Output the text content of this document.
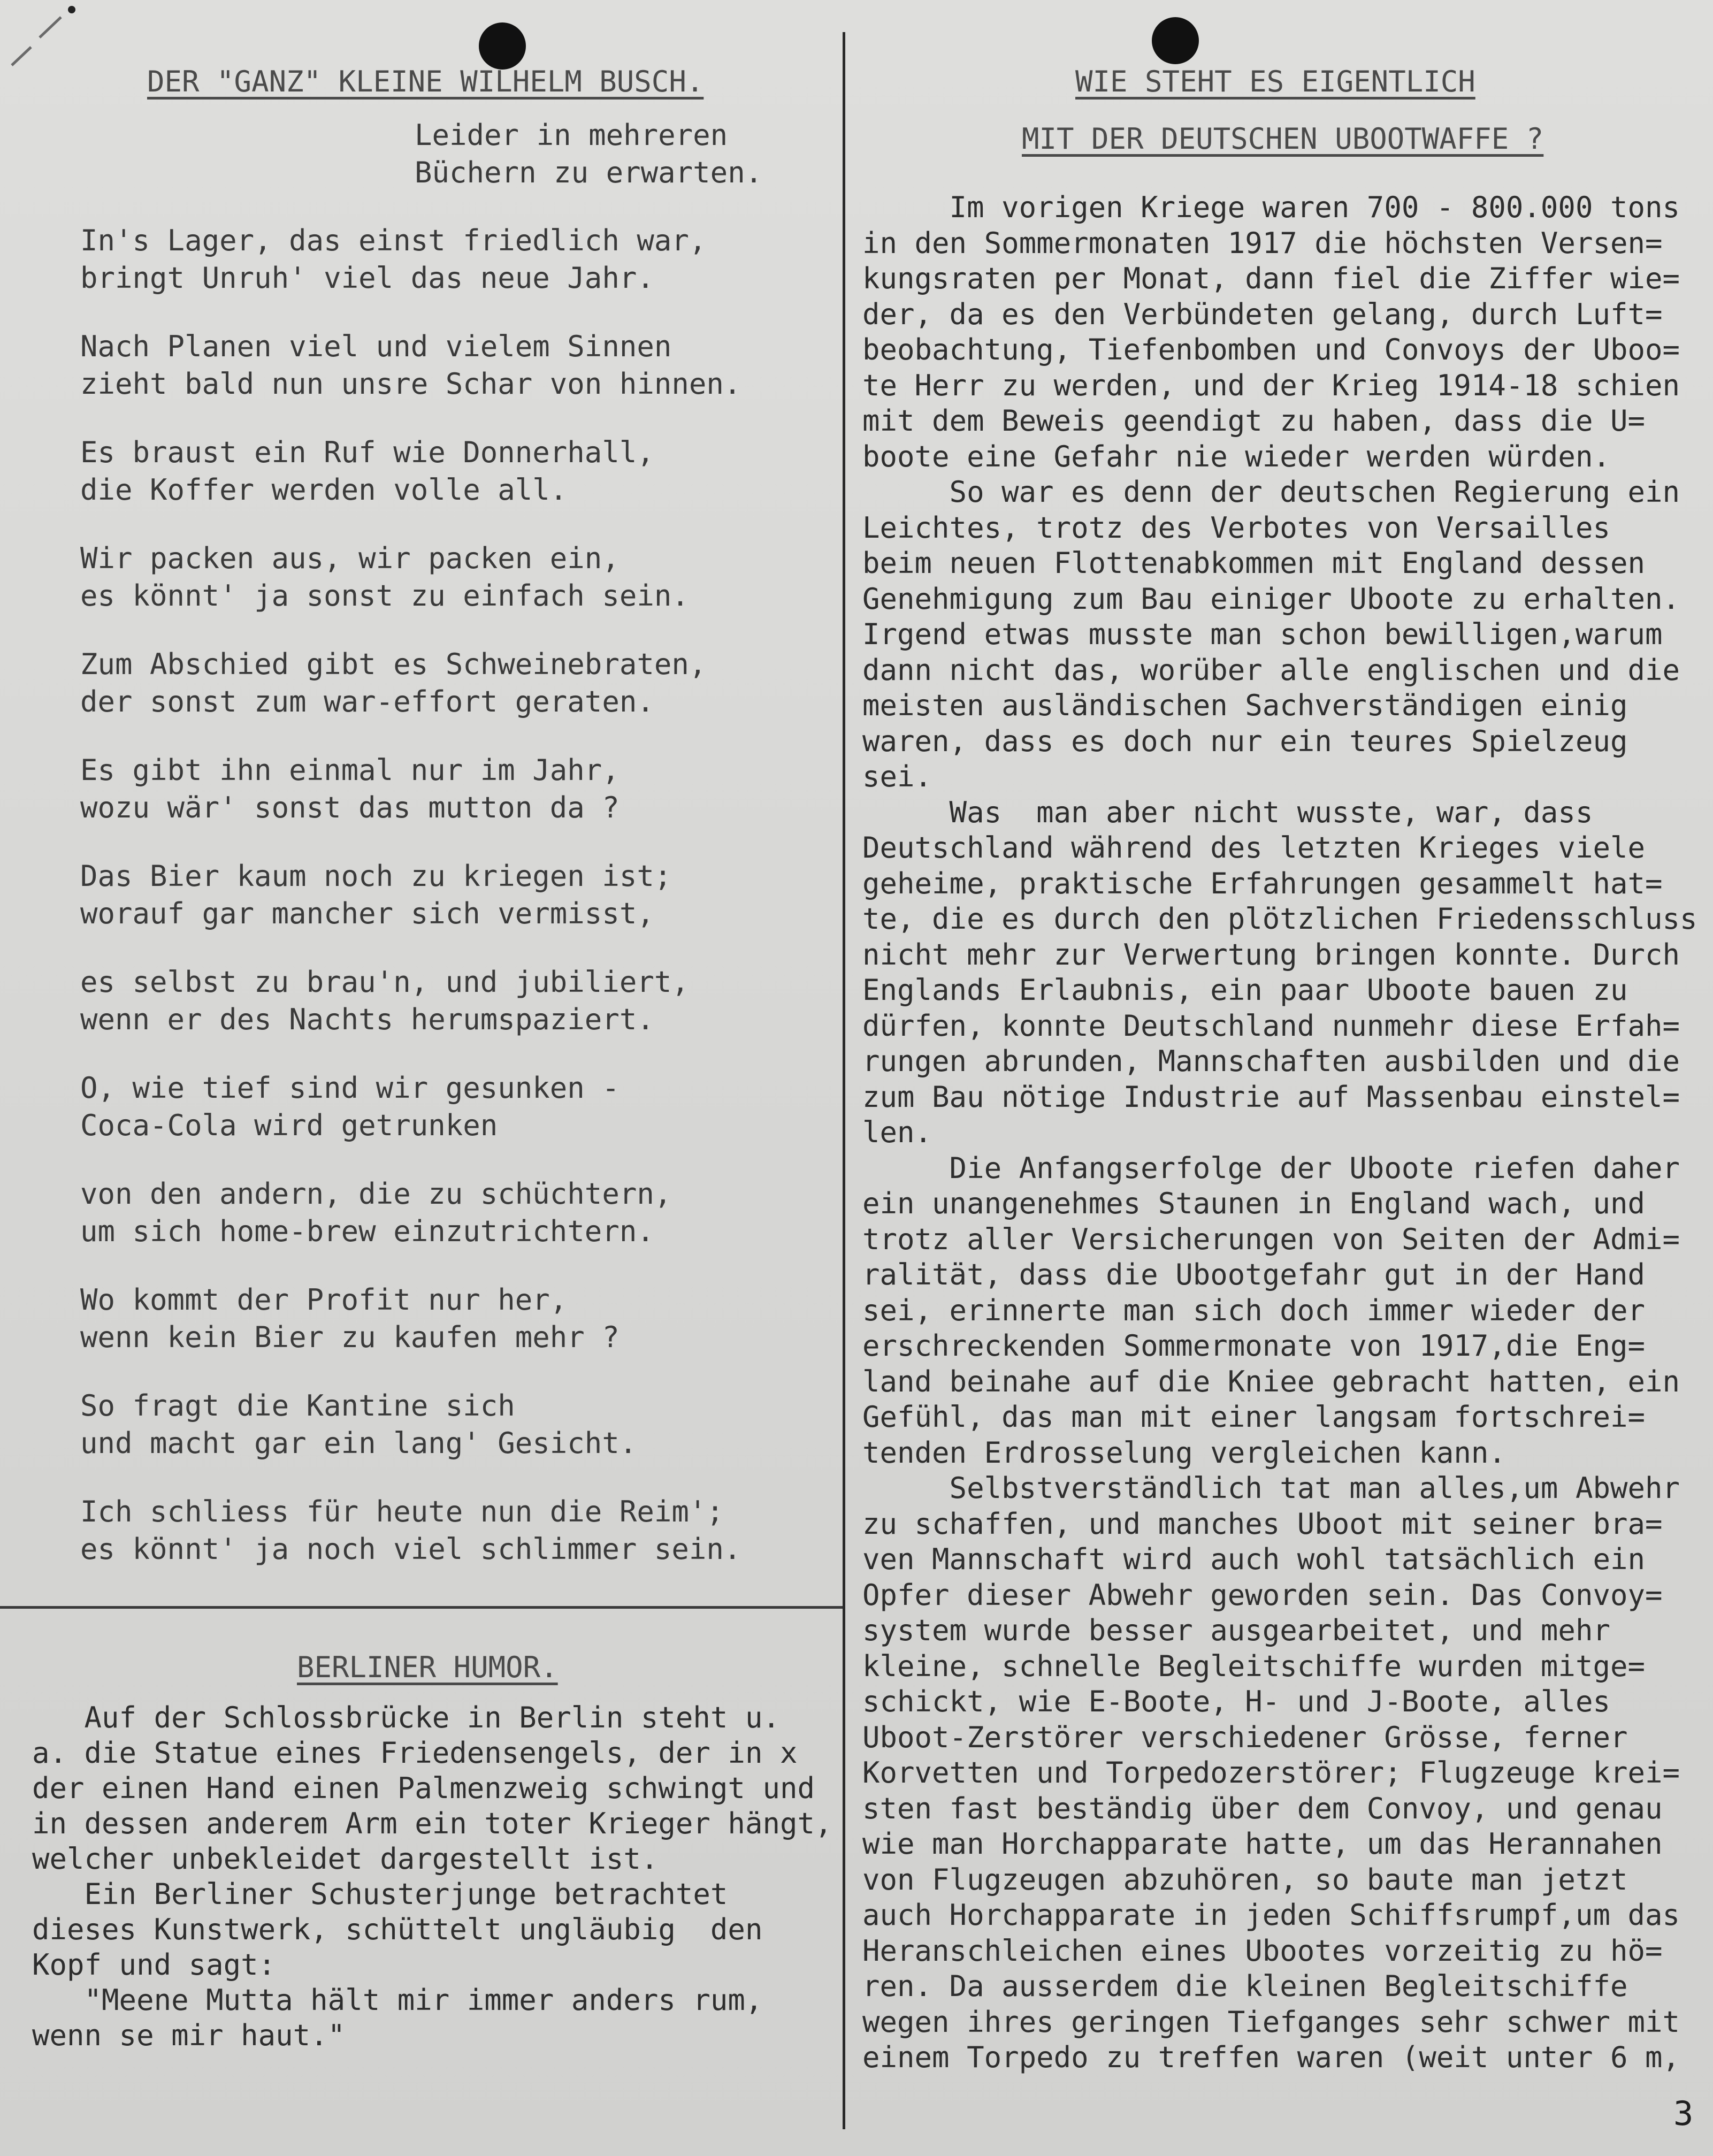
DER "GANZ" KLEINE WILHELM BUSCH.

Leider in mehreren

Büchern zu erwarten.

In's Lager, das einst friedlich war,

bringt Unruh' viel das neue Jahr.

Nach Planen viel und vielem Sinnen

zieht bald nun unsre Schar von hinnen.

Es braust ein Ruf wie Donnerhall,

die Koffer werden volle all.

Wir packen aus, wir packen ein,

es könnt' ja sonst zu einfach sein.

Zum Abschied gibt es Schweinebraten,

der sonst zum war-effort geraten.

Es gibt ihn einmal nur im Jahr,

wozu wär' sonst das mutton da ?

Das Bier kaum noch zu kriegen ist;

worauf gar mancher sich vermisst,

es selbst zu brau'n, und jubiliert,

wenn er des Nachts herumspaziert.

O, wie tief sind wir gesunken -

Coca-Cola wird getrunken

von den andern, die zu schüchtern,

um sich home-brew einzutrichtern.

Wo kommt der Profit nur her,

wenn kein Bier zu kaufen mehr ?

So fragt die Kantine sich

und macht gar ein lang' Gesicht.

Ich schliess für heute nun die Reim';

es könnt' ja noch viel schlimmer sein.

BERLINER HUMOR.

Auf der Schlossbrücke in Berlin steht u.

a. die Statue eines Friedensengels, der in x

der einen Hand einen Palmenzweig schwingt und

in dessen anderem Arm ein toter Krieger hängt,

welcher unbekleidet dargestellt ist.

Ein Berliner Schusterjunge betrachtet

dieses Kunstwerk, schüttelt ungläubig  den

Kopf und sagt:

"Meene Mutta hält mir immer anders rum,

wenn se mir haut."

WIE STEHT ES EIGENTLICH
MIT DER DEUTSCHEN UBOOTWAFFE ?

Im vorigen Kriege waren 700 - 800.000 tons

in den Sommermonaten 1917 die höchsten Versen=

kungsraten per Monat, dann fiel die Ziffer wie=

der, da es den Verbündeten gelang, durch Luft=

beobachtung, Tiefenbomben und Convoys der Uboo=

te Herr zu werden, und der Krieg 1914-18 schien

mit dem Beweis geendigt zu haben, dass die U=

boote eine Gefahr nie wieder werden würden.

So war es denn der deutschen Regierung ein

Leichtes, trotz des Verbotes von Versailles

beim neuen Flottenabkommen mit England dessen

Genehmigung zum Bau einiger Uboote zu erhalten.

Irgend etwas musste man schon bewilligen,warum

dann nicht das, worüber alle englischen und die

meisten ausländischen Sachverständigen einig

waren, dass es doch nur ein teures Spielzeug

sei.

Was  man aber nicht wusste, war, dass

Deutschland während des letzten Krieges viele

geheime, praktische Erfahrungen gesammelt hat=

te, die es durch den plötzlichen Friedensschluss

nicht mehr zur Verwertung bringen konnte. Durch

Englands Erlaubnis, ein paar Uboote bauen zu

dürfen, konnte Deutschland nunmehr diese Erfah=

rungen abrunden, Mannschaften ausbilden und die

zum Bau nötige Industrie auf Massenbau einstel=

len.

Die Anfangserfolge der Uboote riefen daher

ein unangenehmes Staunen in England wach, und

trotz aller Versicherungen von Seiten der Admi=

ralität, dass die Ubootgefahr gut in der Hand

sei, erinnerte man sich doch immer wieder der

erschreckenden Sommermonate von 1917,die Eng=

land beinahe auf die Kniee gebracht hatten, ein

Gefühl, das man mit einer langsam fortschrei=

tenden Erdrosselung vergleichen kann.

Selbstverständlich tat man alles,um Abwehr

zu schaffen, und manches Uboot mit seiner bra=

ven Mannschaft wird auch wohl tatsächlich ein

Opfer dieser Abwehr geworden sein. Das Convoy=

system wurde besser ausgearbeitet, und mehr

kleine, schnelle Begleitschiffe wurden mitge=

schickt, wie E-Boote, H- und J-Boote, alles

Uboot-Zerstörer verschiedener Grösse, ferner

Korvetten und Torpedozerstörer; Flugzeuge krei=

sten fast beständig über dem Convoy, und genau

wie man Horchapparate hatte, um das Herannahen

von Flugzeugen abzuhören, so baute man jetzt

auch Horchapparate in jeden Schiffsrumpf,um das

Heranschleichen eines Ubootes vorzeitig zu hö=

ren. Da ausserdem die kleinen Begleitschiffe

wegen ihres geringen Tiefganges sehr schwer mit

einem Torpedo zu treffen waren (weit unter 6 m,

3
